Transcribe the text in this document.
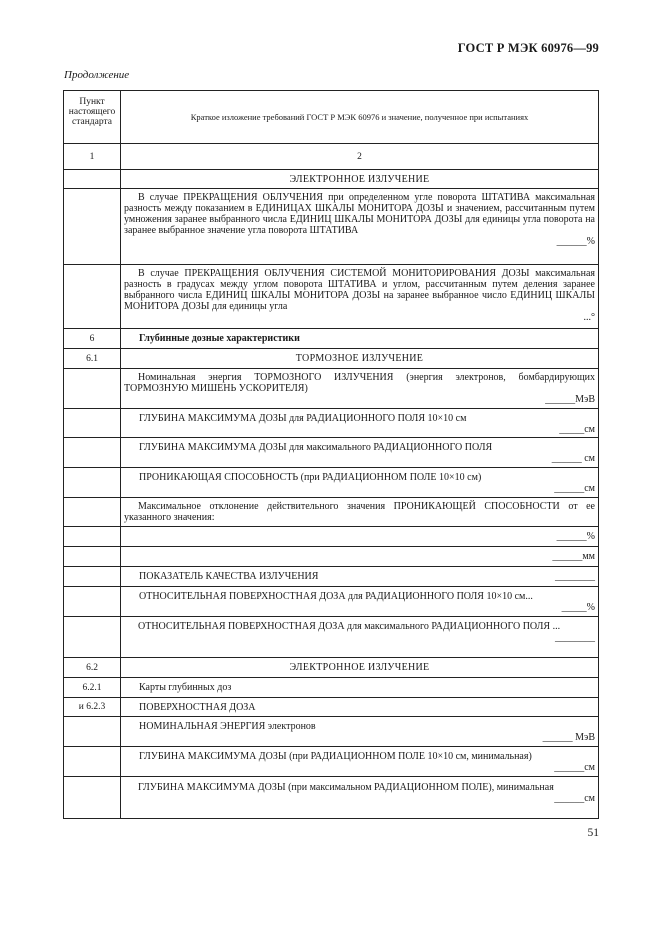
ГОСТ Р МЭК 60976—99
Продолжение
Пункт настоящего стандарта	Краткое изложение требований ГОСТ Р МЭК 60976 и значение, полученное при испытаниях
1	2
	ЭЛЕКТРОННОЕ ИЗЛУЧЕНИЕ
	В случае ПРЕКРАЩЕНИЯ ОБЛУЧЕНИЯ при определенном угле поворота ШТАТИВА максимальная разность между показанием в ЕДИНИЦАХ ШКАЛЫ МОНИТОРА ДОЗЫ и значением, рассчитанным путем умножения заранее выбранного числа ЕДИНИЦ ШКАЛЫ МОНИТОРА ДОЗЫ для единицы угла поворота на заранее выбранное значение угла поворота ШТАТИВА
______%

	В случае ПРЕКРАЩЕНИЯ ОБЛУЧЕНИЯ СИСТЕМОЙ МОНИТОРИРОВАНИЯ ДОЗЫ максимальная разность в градусах между углом поворота ШТАТИВА и углом, рассчитанным путем деления заранее выбранного числа ЕДИНИЦ ШКАЛЫ МОНИТОРА ДОЗЫ на заранее выбранное число ЕДИНИЦ ШКАЛЫ МОНИТОРА ДОЗЫ для единицы угла
...°

6	Глубинные дозные характеристики
6.1	ТОРМОЗНОЕ ИЗЛУЧЕНИЕ
	Номинальная энергия ТОРМОЗНОГО ИЗЛУЧЕНИЯ (энергия электронов, бомбардирующих ТОРМОЗНУЮ МИШЕНЬ УСКОРИТЕЛЯ)
______МэВ

	ГЛУБИНА МАКСИМУМА ДОЗЫ для РАДИАЦИОННОГО ПОЛЯ 10×10 см
_____см

	ГЛУБИНА МАКСИМУМА ДОЗЫ для максимального РАДИАЦИОННОГО ПОЛЯ
______ см

	ПРОНИКАЮЩАЯ СПОСОБНОСТЬ (при РАДИАЦИОННОМ ПОЛЕ 10×10 см)
______см

	Максимальное отклонение действительного значения ПРОНИКАЮЩЕЙ СПОСОБНОСТИ от ее указанного значения:
	______%
	______мм
	ПОКАЗАТЕЛЬ КАЧЕСТВА ИЗЛУЧЕНИЯ ________

	ОТНОСИТЕЛЬНАЯ ПОВЕРХНОСТНАЯ ДОЗА для РАДИАЦИОННОГО ПОЛЯ 10×10 см...
_____%

	ОТНОСИТЕЛЬНАЯ ПОВЕРХНОСТНАЯ ДОЗА для максимального РАДИАЦИОННОГО ПОЛЯ ...
________

6.2	ЭЛЕКТРОННОЕ ИЗЛУЧЕНИЕ
6.2.1	Карты глубинных доз
и 6.2.3	ПОВЕРХНОСТНАЯ ДОЗА
	НОМИНАЛЬНАЯ ЭНЕРГИЯ электронов
______ МэВ

	ГЛУБИНА МАКСИМУМА ДОЗЫ (при РАДИАЦИОННОМ ПОЛЕ 10×10 см, минимальная)
______см

	ГЛУБИНА МАКСИМУМА ДОЗЫ (при максимальном РАДИАЦИОННОМ ПОЛЕ), минимальная
______см
51
